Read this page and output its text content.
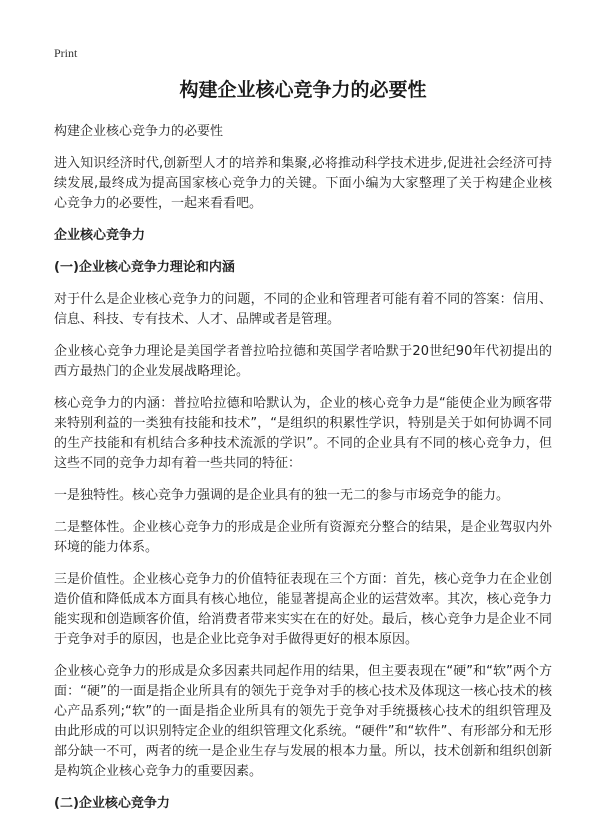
Print
构建企业核心竞争力的必要性
构建企业核心竞争力的必要性
进入知识经济时代,创新型人才的培养和集聚,必将推动科学技术进步,促进社会经济可持续发展,最终成为提高国家核心竞争力的关键。下面小编为大家整理了关于构建企业核心竞争力的必要性，一起来看看吧。
企业核心竞争力
(一)企业核心竞争力理论和内涵
对于什么是企业核心竞争力的问题，不同的企业和管理者可能有着不同的答案：信用、信息、科技、专有技术、人才、品牌或者是管理。
企业核心竞争力理论是美国学者普拉哈拉德和英国学者哈默于20世纪90年代初提出的西方最热门的企业发展战略理论。
核心竞争力的内涵：普拉哈拉德和哈默认为，企业的核心竞争力是“能使企业为顾客带来特别利益的一类独有技能和技术”，“是组织的积累性学识，特别是关于如何协调不同的生产技能和有机结合多种技术流派的学识”。不同的企业具有不同的核心竞争力，但这些不同的竞争力却有着一些共同的特征：
一是独特性。核心竞争力强调的是企业具有的独一无二的参与市场竞争的能力。
二是整体性。企业核心竞争力的形成是企业所有资源充分整合的结果，是企业驾驭内外环境的能力体系。
三是价值性。企业核心竞争力的价值特征表现在三个方面：首先，核心竞争力在企业创造价值和降低成本方面具有核心地位，能显著提高企业的运营效率。其次，核心竞争力能实现和创造顾客价值，给消费者带来实实在在的好处。最后，核心竞争力是企业不同于竞争对手的原因，也是企业比竞争对手做得更好的根本原因。
企业核心竞争力的形成是众多因素共同起作用的结果，但主要表现在“硬”和“软”两个方面：“硬”的一面是指企业所具有的领先于竞争对手的核心技术及体现这一核心技术的核心产品系列;“软”的一面是指企业所具有的领先于竞争对手统摄核心技术的组织管理及由此形成的可以识别特定企业的组织管理文化系统。“硬件”和“软件”、有形部分和无形部分缺一不可，两者的统一是企业生存与发展的根本力量。所以，技术创新和组织创新是构筑企业核心竞争力的重要因素。
(二)企业核心竞争力
